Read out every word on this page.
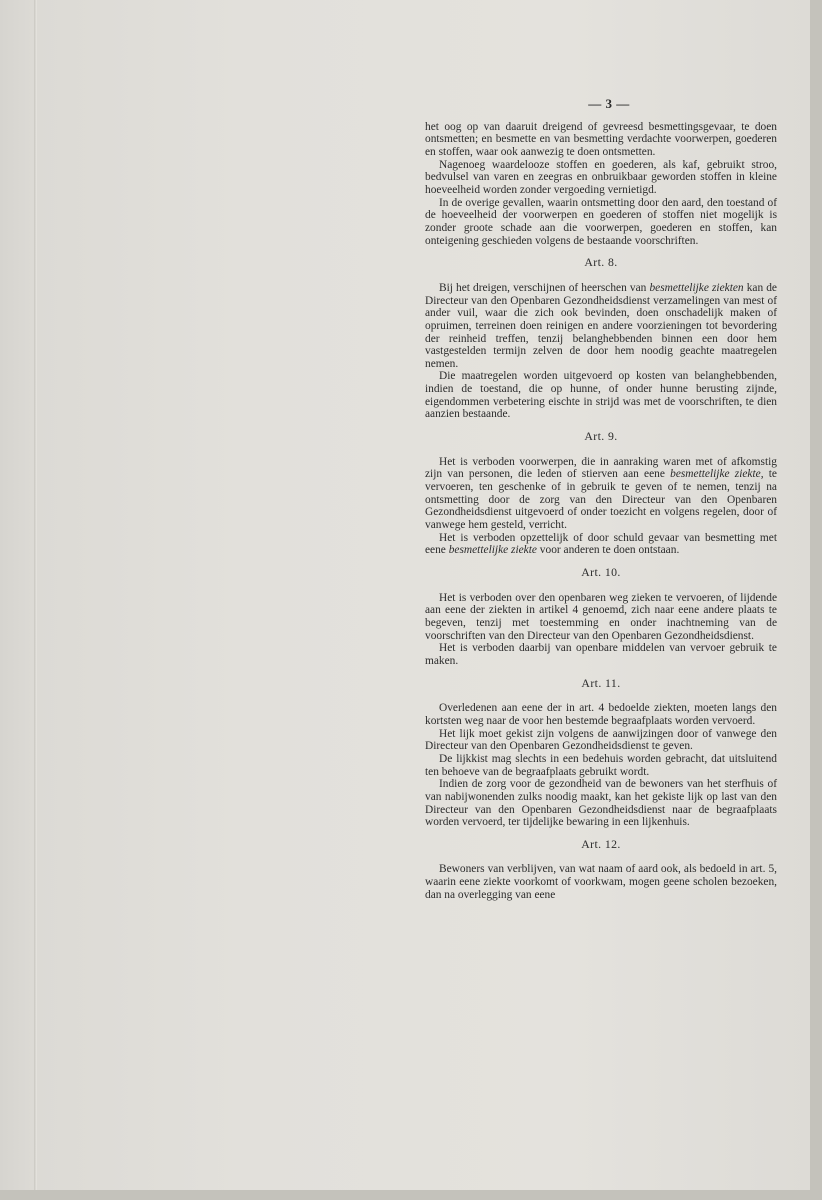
— 3 —

het oog op van daaruit dreigend of gevreesd besmettingsgevaar, te doen ontsmetten; en besmette en van besmetting verdachte voorwerpen, goederen en stoffen, waar ook aanwezig te doen ontsmetten.

Nagenoeg waardelooze stoffen en goederen, als kaf, gebruikt stroo, bedvulsel van varen en zeegras en onbruikbaar geworden stoffen in kleine hoeveelheid worden zonder vergoeding vernietigd.

In de overige gevallen, waarin ontsmetting door den aard, den toestand of de hoeveelheid der voorwerpen en goederen of stoffen niet mogelijk is zonder groote schade aan die voorwerpen, goederen en stoffen, kan onteigening geschieden volgens de bestaande voorschriften.

Art. 8.

Bij het dreigen, verschijnen of heerschen van besmettelijke ziekten kan de Directeur van den Openbaren Gezondheidsdienst verzamelingen van mest of ander vuil, waar die zich ook bevinden, doen onschadelijk maken of opruimen, terreinen doen reinigen en andere voorzieningen tot bevordering der reinheid treffen, tenzij belanghebbenden binnen een door hem vastgestelden termijn zelven de door hem noodig geachte maatregelen nemen.

Die maatregelen worden uitgevoerd op kosten van belanghebbenden, indien de toestand, die op hunne, of onder hunne berusting zijnde, eigendommen verbetering eischte in strijd was met de voorschriften, te dien aanzien bestaande.

Art. 9.

Het is verboden voorwerpen, die in aanraking waren met of afkomstig zijn van personen, die leden of stierven aan eene besmettelijke ziekte, te vervoeren, ten geschenke of in gebruik te geven of te nemen, tenzij na ontsmetting door de zorg van den Directeur van den Openbaren Gezondheidsdienst uitgevoerd of onder toezicht en volgens regelen, door of vanwege hem gesteld, verricht.

Het is verboden opzettelijk of door schuld gevaar van besmetting met eene besmettelijke ziekte voor anderen te doen ontstaan.

Art. 10.

Het is verboden over den openbaren weg zieken te vervoeren, of lijdende aan eene der ziekten in artikel 4 genoemd, zich naar eene andere plaats te begeven, tenzij met toestemming en onder inachtneming van de voorschriften van den Directeur van den Openbaren Gezondheidsdienst.

Het is verboden daarbij van openbare middelen van vervoer gebruik te maken.

Art. 11.

Overledenen aan eene der in art. 4 bedoelde ziekten, moeten langs den kortsten weg naar de voor hen bestemde begraafplaats worden vervoerd.

Het lijk moet gekist zijn volgens de aanwijzingen door of vanwege den Directeur van den Openbaren Gezondheidsdienst te geven.

De lijkkist mag slechts in een bedehuis worden gebracht, dat uitsluitend ten behoeve van de begraafplaats gebruikt wordt.

Indien de zorg voor de gezondheid van de bewoners van het sterfhuis of van nabijwonenden zulks noodig maakt, kan het gekiste lijk op last van den Directeur van den Openbaren Gezondheidsdienst naar de begraafplaats worden vervoerd, ter tijdelijke bewaring in een lijkenhuis.

Art. 12.

Bewoners van verblijven, van wat naam of aard ook, als bedoeld in art. 5, waarin eene ziekte voorkomt of voorkwam, mogen geene scholen bezoeken, dan na overlegging van eene
